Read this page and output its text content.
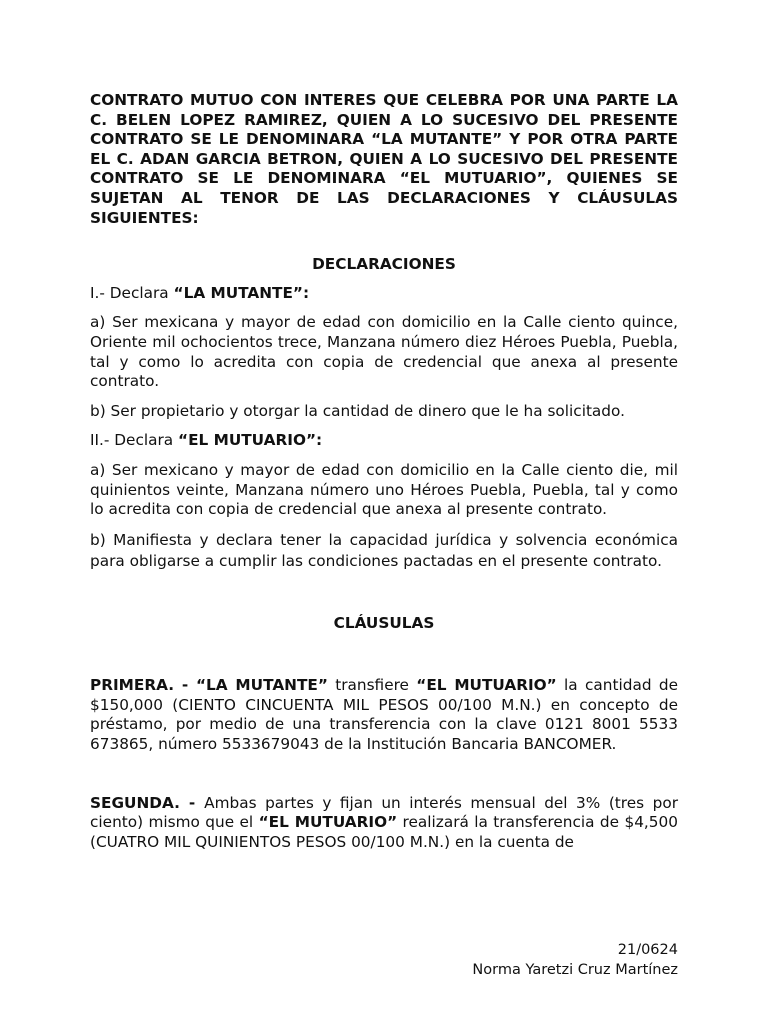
CONTRATO MUTUO CON INTERES QUE CELEBRA POR UNA PARTE LA C. BELEN LOPEZ RAMIREZ, QUIEN A LO SUCESIVO DEL PRESENTE CONTRATO SE LE DENOMINARA “LA MUTANTE” Y POR OTRA PARTE EL C. ADAN GARCIA BETRON, QUIEN A LO SUCESIVO DEL PRESENTE CONTRATO SE LE DENOMINARA “EL MUTUARIO”, QUIENES SE SUJETAN AL TENOR DE LAS DECLARACIONES Y CLÁUSULAS SIGUIENTES:

DECLARACIONES

I.- Declara “LA MUTANTE”:

a) Ser mexicana y mayor de edad con domicilio en la Calle ciento quince, Oriente mil ochocientos trece, Manzana número diez Héroes Puebla, Puebla, tal y como lo acredita con copia de credencial que anexa al presente contrato.

b) Ser propietario y otorgar la cantidad de dinero que le ha solicitado.

II.- Declara “EL MUTUARIO”:

a) Ser mexicano y mayor de edad con domicilio en la Calle ciento die, mil quinientos veinte, Manzana número uno Héroes Puebla, Puebla, tal y como lo acredita con copia de credencial que anexa al presente contrato.

b) Manifiesta y declara tener la capacidad jurídica y solvencia económica para obligarse a cumplir las condiciones pactadas en el presente contrato.

CLÁUSULAS

PRIMERA. - “LA MUTANTE” transfiere “EL MUTUARIO” la cantidad de $150,000 (CIENTO CINCUENTA MIL PESOS 00/100 M.N.) en concepto de préstamo, por medio de una transferencia con la clave 0121 8001 5533 673865, número 5533679043 de la Institución Bancaria BANCOMER.

SEGUNDA. - Ambas partes y fijan un interés mensual del 3% (tres por ciento) mismo que el “EL MUTUARIO” realizará la transferencia de $4,500 (CUATRO MIL QUINIENTOS PESOS 00/100 M.N.) en la cuenta de

21/0624
Norma Yaretzi Cruz Martínez
